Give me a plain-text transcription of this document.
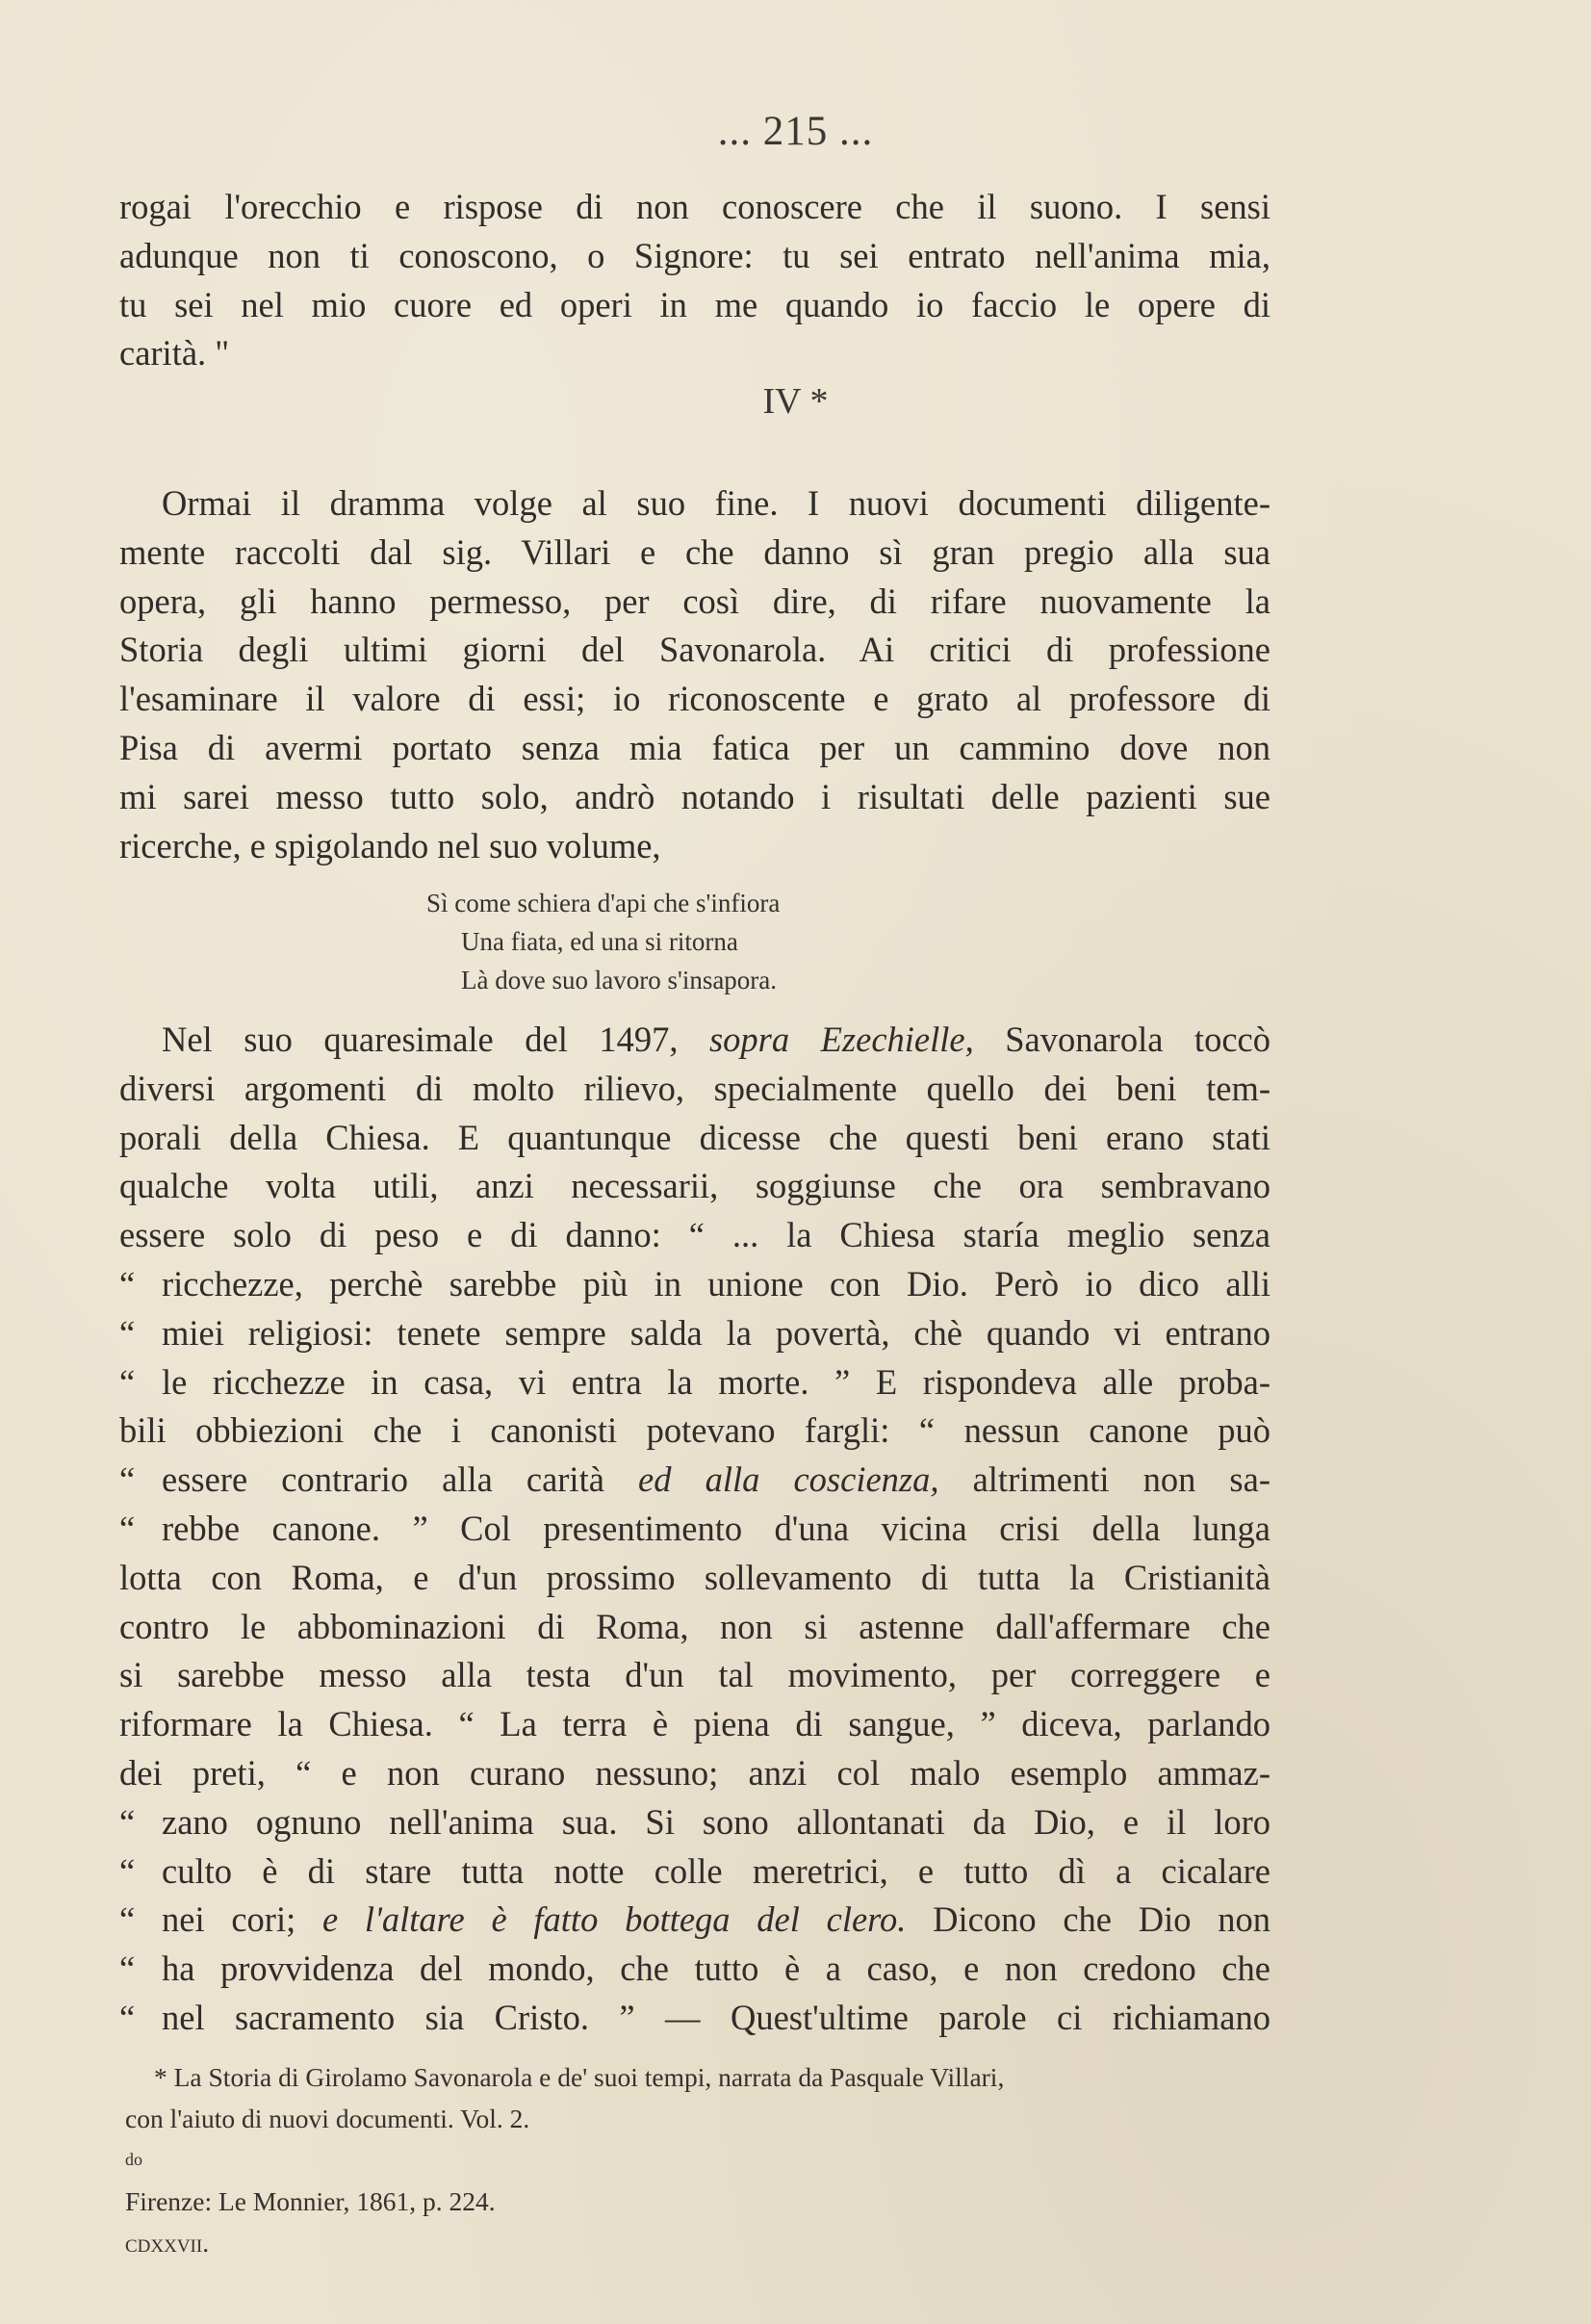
... 215 ...
rogai l'orecchio e rispose di non conoscere che il suono. I sensi
adunque non ti conoscono, o Signore: tu sei entrato nell'anima mia,
tu sei nel mio cuore ed operi in me quando io faccio le opere di
carità. "
IV *
Ormai il dramma volge al suo fine. I nuovi documenti diligente-
mente raccolti dal sig. Villari e che danno sì gran pregio alla sua
opera, gli hanno permesso, per così dire, di rifare nuovamente la
Storia degli ultimi giorni del Savonarola. Ai critici di professione
l'esaminare il valore di essi; io riconoscente e grato al professore di
Pisa di avermi portato senza mia fatica per un cammino dove non
mi sarei messo tutto solo, andrò notando i risultati delle pazienti sue
ricerche, e spigolando nel suo volume,
Sì come schiera d'api che s'infiora
Una fiata, ed una si ritorna
Là dove suo lavoro s'insapora.
Nel suo quaresimale del 1497, sopra Ezechielle, Savonarola toccò
diversi argomenti di molto rilievo, specialmente quello dei beni tem-
porali della Chiesa. E quantunque dicesse che questi beni erano stati
qualche volta utili, anzi necessarii, soggiunse che ora sembravano
essere solo di peso e di danno: “ ... la Chiesa staría meglio senza
“ ricchezze, perchè sarebbe più in unione con Dio. Però io dico alli
“ miei religiosi: tenete sempre salda la povertà, chè quando vi entrano
“ le ricchezze in casa, vi entra la morte. ” E rispondeva alle proba-
bili obbiezioni che i canonisti potevano fargli: “ nessun canone può
“ essere contrario alla carità ed alla coscienza, altrimenti non sa-
“ rebbe canone. ” Col presentimento d'una vicina crisi della lunga
lotta con Roma, e d'un prossimo sollevamento di tutta la Cristianità
contro le abbominazioni di Roma, non si astenne dall'affermare che
si sarebbe messo alla testa d'un tal movimento, per correggere e
riformare la Chiesa. “ La terra è piena di sangue, ” diceva, parlando
dei preti, “ e non curano nessuno; anzi col malo esemplo ammaz-
“ zano ognuno nell'anima sua. Si sono allontanati da Dio, e il loro
“ culto è di stare tutta notte colle meretrici, e tutto dì a cicalare
“ nei cori; e l'altare è fatto bottega del clero. Dicono che Dio non
“ ha provvidenza del mondo, che tutto è a caso, e non credono che
“ nel sacramento sia Cristo. ” — Quest'ultime parole ci richiamano
* La Storia di Girolamo Savonarola e de' suoi tempi, narrata da Pasquale Villari,
con l'aiuto di nuovi documenti. Vol. 2.
do
Firenze: Le Monnier, 1861, p. 224.
cdxxvii.
